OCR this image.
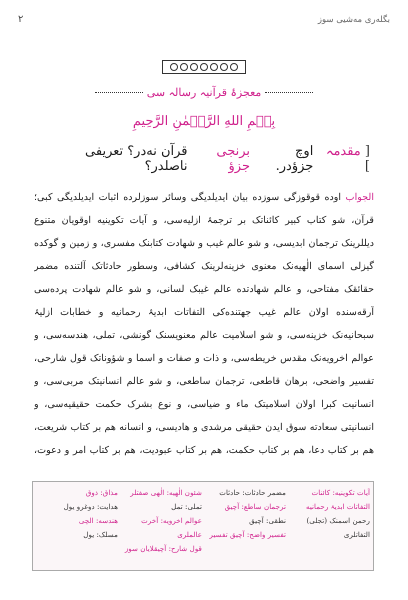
٢	بگلەری مەشیی سوز
معجزۂ قرآنیہ رسالہ سی
بِسۡمِ اللهِ الرَّحۡمٰنِ الرَّحِيمِ
[ مقدمہ ]
اوچ جزؤدر.
برنجی جزؤ
قرآن نەدر؟ تعریفی ناصلدر؟
الجواب اوده قوقوزگی سوزده بیان ایدیلدیگی وسائر سوزلرده اثبات ایدیلدیگی کبی؛ قرآن، شو کتاب کبیر کائناتک بر ترجمۂ ازلیه‌سی، و آیات تکوینیه اوقویان متنوع دیللرینک ترجمان ابدیسی، و شو عالم غیب و شهادت کتابنک مفسری، و زمین و گوکده گیزلی اسمای الٰهیه‌نک معنوی خزینه‌لرینک کشافی، وسطور حادثاتک آلتنده مضمر حقائقک مفتاحی، و عالم شهادتده عالم غیبک لسانی، و شو عالم شهادت پرده‌سی آرقه‌سنده اولان عالم غیب جهتنده‌کی التفاتات ابدیۂ رحمانیه و خطابات ازلیۂ سبحانیه‌نک خزینه‌سی، و شو اسلامیت عالم معنویسنک گونشی، تملی، هندسه‌سی، و عوالم اخرویه‌نک مقدس خریطه‌سی، و ذات و صفات و اسما و شؤوناتک قول شارحی، تفسیر واضحی، برهان قاطعی، ترجمان ساطعی، و شو عالم انسانیتک مربی‌سی، و انسانیت کبرا اولان اسلامیتک ماء و ضیاسی، و نوع بشرک حکمت حقیقیه‌سی، و انسانیتی سعادته سوق ایدن حقیقی مرشدی و هادیسی، و انسانه هم بر کتاب شریعت، هم بر کتاب دعا، هم بر کتاب حکمت، هم بر کتاب عبودیت، هم بر کتاب امر و دعوت،
آیات تکوینیه: کائنات
التفاتات ابدیۂ رحمانیه
رحمن اسمنک (تجلی)
التفاتلری
مضمر حادثات: حادثات
ترجمان ساطع: آچیق
نطقی: آچیق
تفسیر واضح: آچیق تفسیر
شئون الٰهیه: الٰهی صفتلر
تملی: تمل
عوالم اخرویه: آخرت عالملری
قول شارح: آچیقلایان سوز
مذاق: ذوق
هدایت: دوغرو یول
هندسه: الچی
مسلک: یول
